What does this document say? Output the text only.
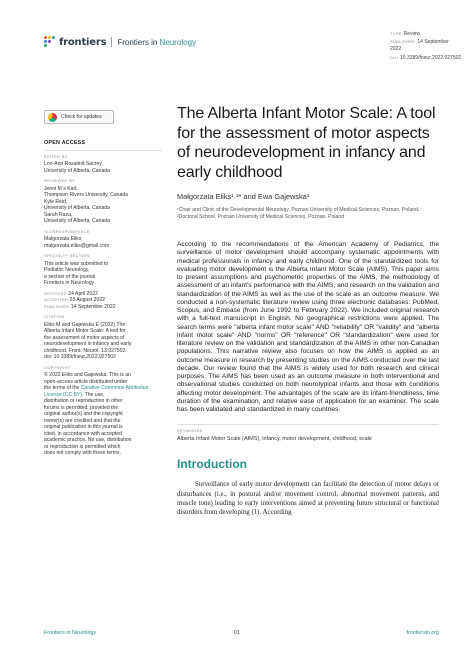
frontiers Frontiers in Neurology
TYPE Review
PUBLISHED 14 September 2022
DOI 10.3389/fneur.2022.927502
Check for updates
OPEN ACCESS
EDITED BY
Lori-Ann Rosalind Sacrey,
University of Alberta, Canada
REVIEWED BY
Jenni M s Karl,
Thompson Rivers University, Canada
Kyle Reid,
University of Alberta, Canada
Sarah Raza,
University of Alberta, Canada
*CORRESPONDENCE
Małgorzata Eliks
malgorzata.eliks@gmail.com
SPECIALTY SECTION
This article was submitted to
Pediatric Neurology,
a section of the journal
Frontiers in Neurology
RECEIVED 24 April 2022
ACCEPTED 23 August 2022
PUBLISHED 14 September 2022
CITATION
Eliks M and Gajewska E (2022) The
Alberta Infant Motor Scale: A tool for
the assessment of motor aspects of
neurodevelopment in infancy and early
childhood. Front. Neurol. 13:927502.
doi: 10.3389/fneur.2022.927502
COPYRIGHT
© 2022 Eliks and Gajewska. This is an
open-access article distributed under
the terms of the Creative Commons Attribution License (CC BY). The use,
distribution or reproduction in other
forums is permitted, provided the
original author(s) and the copyright
owner(s) are credited and that the
original publication in this journal is
cited, in accordance with accepted
academic practice. No use, distribution
or reproduction is permitted which
does not comply with these terms.
The Alberta Infant Motor Scale: A tool for the assessment of motor aspects of neurodevelopment in infancy and early childhood
Małgorzata Eliks¹˒²* and Ewa Gajewska¹
¹Chair and Clinic of the Developmental Neurology, Poznan University of Medical Sciences, Poznan, Poland, ²Doctoral School, Poznan University of Medical Sciences, Poznan, Poland

According to the recommendations of the American Academy of Pediatrics, the surveillance of motor development should accompany systematic appointments with medical professionals in infancy and early childhood. One of the standardized tools for evaluating motor development is the Alberta Infant Motor Scale (AIMS). This paper aims to present assumptions and psychometric properties of the AIMS, the methodology of assessment of an infant's performance with the AIMS, and research on the validation and standardization of the AIMS as well as the use of the scale as an outcome measure. We conducted a non-systematic literature review using three electronic databases: PubMed, Scopus, and Embase (from June 1992 to February 2022). We included original research with a full-text manuscript in English. No geographical restrictions were applied. The search terms were "alberta infant motor scale" AND "reliability" OR "validity" and "alberta infant motor scale" AND "norms" OR "reference" OR "standardization" were used for literature review on the validation and standardization of the AIMS in other non-Canadian populations. This narrative review also focuses on how the AIMS is applied as an outcome measure in research by presenting studies on the AIMS conducted over the last decade. Our review found that the AIMS is widely used for both research and clinical purposes. The AIMS has been used as an outcome measure in both interventional and observational studies conducted on both neurotypical infants and those with conditions affecting motor development. The advantages of the scale are its infant-friendliness, time duration of the examination, and relative ease of application for an examiner. The scale has been validated and standardized in many countries.

KEYWORDS
Alberta Infant Motor Scale (AIMS), infancy, motor development, childhood, scale
Introduction

Surveillance of early motor development can facilitate the detection of motor delays or disturbances (i.e., in postural and/or movement control, abnormal movement patterns, and muscle tone) leading to early interventions aimed at preventing future structural or functional disorders from developing (1). According

Frontiers in Neurology	01	frontiersin.org
